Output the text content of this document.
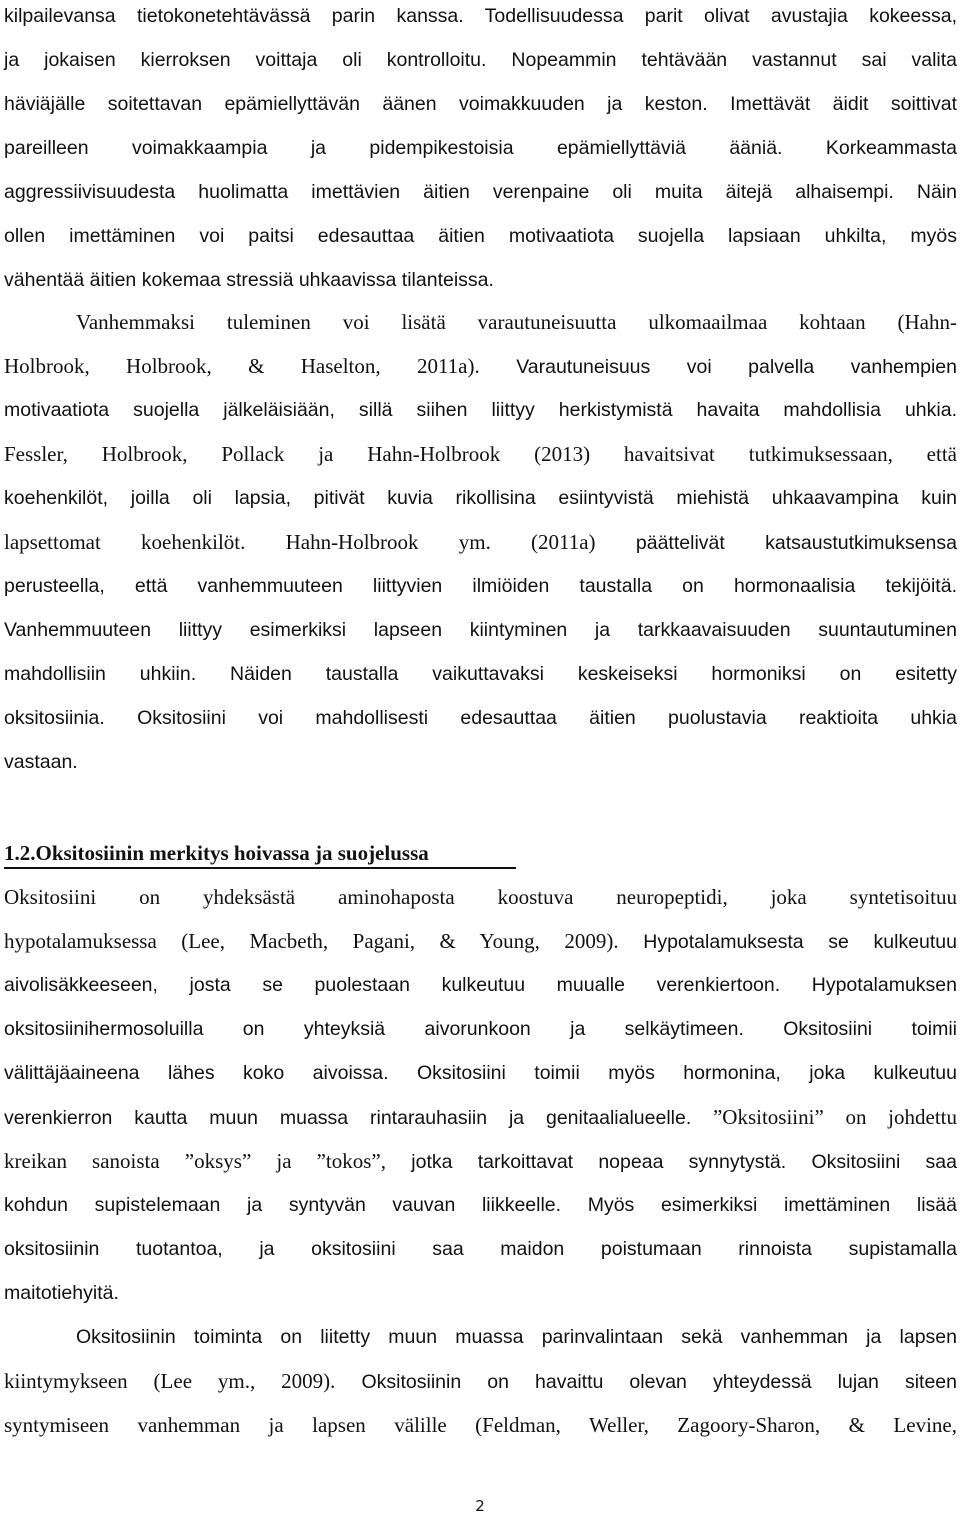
kilpailevansa tietokonetehtävässä parin kanssa. Todellisuudessa parit olivat avustajia kokeessa,
ja jokaisen kierroksen voittaja oli kontrolloitu. Nopeammin tehtävään vastannut sai valita
häviäjälle soitettavan epämiellyttävän äänen voimakkuuden ja keston. Imettävät äidit soittivat
pareilleen voimakkaampia ja pidempikestoisia epämiellyttäviä ääniä. Korkeammasta
aggressiivisuudesta huolimatta imettävien äitien verenpaine oli muita äitejä alhaisempi. Näin
ollen imettäminen voi paitsi edesauttaa äitien motivaatiota suojella lapsiaan uhkilta, myös
vähentää äitien kokemaa stressiä uhkaavissa tilanteissa.
Vanhemmaksi tuleminen voi lisätä varautuneisuutta ulkomaailmaa kohtaan (Hahn-
Holbrook, Holbrook, & Haselton, 2011a). Varautuneisuus voi palvella vanhempien
motivaatiota suojella jälkeläisiään, sillä siihen liittyy herkistymistä havaita mahdollisia uhkia.
Fessler, Holbrook, Pollack ja Hahn-Holbrook (2013) havaitsivat tutkimuksessaan, että
koehenkilöt, joilla oli lapsia, pitivät kuvia rikollisina esiintyvistä miehistä uhkaavampina kuin
lapsettomat koehenkilöt. Hahn-Holbrook ym. (2011a) päättelivät katsaustutkimuksensa
perusteella, että vanhemmuuteen liittyvien ilmiöiden taustalla on hormonaalisia tekijöitä.
Vanhemmuuteen liittyy esimerkiksi lapseen kiintyminen ja tarkkaavaisuuden suuntautuminen
mahdollisiin uhkiin. Näiden taustalla vaikuttavaksi keskeiseksi hormoniksi on esitetty
oksitosiinia. Oksitosiini voi mahdollisesti edesauttaa äitien puolustavia reaktioita uhkia
vastaan.
1.2.Oksitosiinin merkitys hoivassa ja suojelussa
Oksitosiini on yhdeksästä aminohaposta koostuva neuropeptidi, joka syntetisoituu
hypotalamuksessa (Lee, Macbeth, Pagani, & Young, 2009). Hypotalamuksesta se kulkeutuu
aivolisäkkeeseen, josta se puolestaan kulkeutuu muualle verenkiertoon. Hypotalamuksen
oksitosiinihermosoluilla on yhteyksiä aivorunkoon ja selkäytimeen. Oksitosiini toimii
välittäjäaineena lähes koko aivoissa. Oksitosiini toimii myös hormonina, joka kulkeutuu
verenkierron kautta muun muassa rintarauhasiin ja genitaalialueelle. ”Oksitosiini” on johdettu
kreikan sanoista ”oksys” ja ”tokos”, jotka tarkoittavat nopeaa synnytystä. Oksitosiini saa
kohdun supistelemaan ja syntyvän vauvan liikkeelle. Myös esimerkiksi imettäminen lisää
oksitosiinin tuotantoa, ja oksitosiini saa maidon poistumaan rinnoista supistamalla
maitotiehyitä.
Oksitosiinin toiminta on liitetty muun muassa parinvalintaan sekä vanhemman ja lapsen
kiintymykseen (Lee ym., 2009). Oksitosiinin on havaittu olevan yhteydessä lujan siteen
syntymiseen vanhemman ja lapsen välille (Feldman, Weller, Zagoory-Sharon, & Levine,
2
